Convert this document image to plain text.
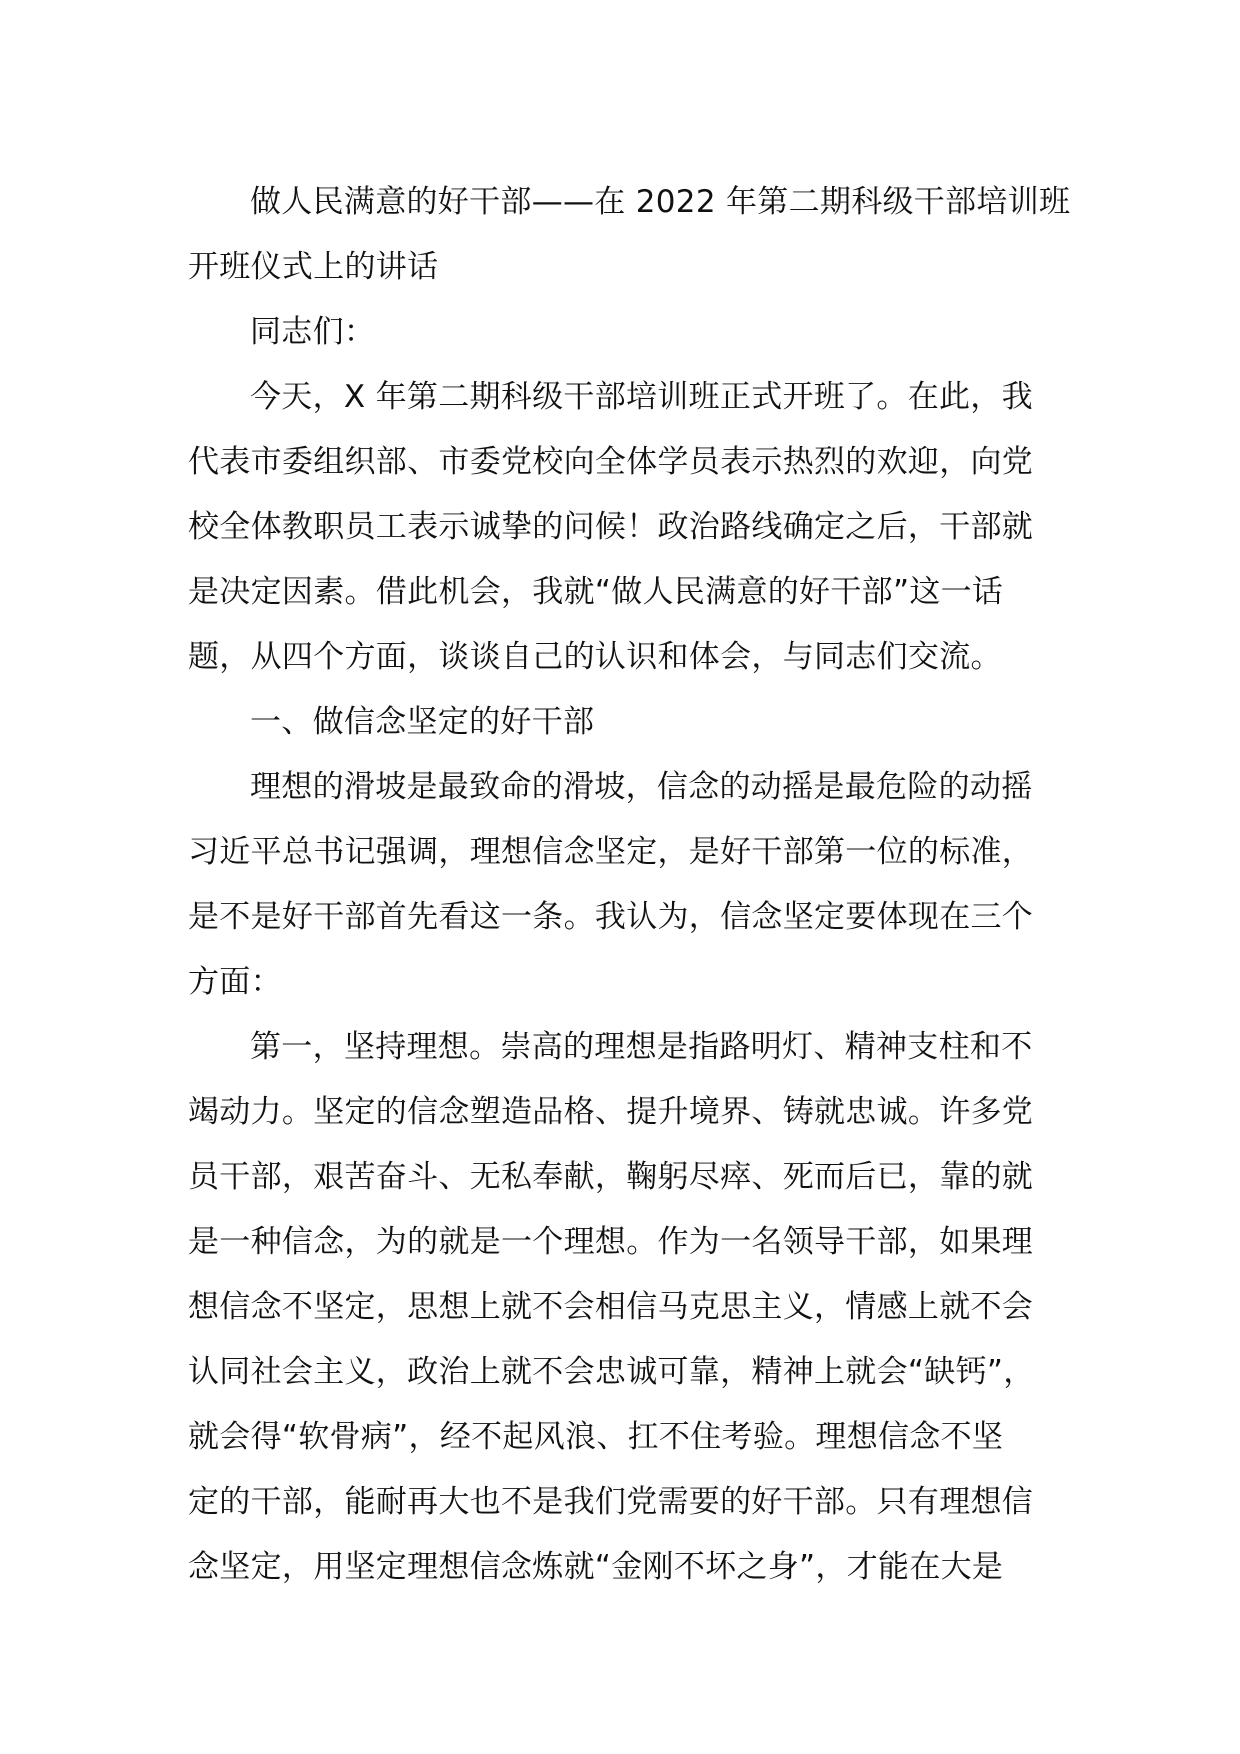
做人民满意的好干部——在 2022 年第二期科级干部培训班
开班仪式上的讲话
同志们：
今天，X 年第二期科级干部培训班正式开班了。在此，我
代表市委组织部、市委党校向全体学员表示热烈的欢迎，向党
校全体教职员工表示诚挚的问候！政治路线确定之后，干部就
是决定因素。借此机会，我就“做人民满意的好干部”这一话
题，从四个方面，谈谈自己的认识和体会，与同志们交流。
一、做信念坚定的好干部
理想的滑坡是最致命的滑坡，信念的动摇是最危险的动摇
习近平总书记强调，理想信念坚定，是好干部第一位的标准，
是不是好干部首先看这一条。我认为，信念坚定要体现在三个
方面：
第一，坚持理想。崇高的理想是指路明灯、精神支柱和不
竭动力。坚定的信念塑造品格、提升境界、铸就忠诚。许多党
员干部，艰苦奋斗、无私奉献，鞠躬尽瘁、死而后已，靠的就
是一种信念，为的就是一个理想。作为一名领导干部，如果理
想信念不坚定，思想上就不会相信马克思主义，情感上就不会
认同社会主义，政治上就不会忠诚可靠，精神上就会“缺钙”，
就会得“软骨病”，经不起风浪、扛不住考验。理想信念不坚
定的干部，能耐再大也不是我们党需要的好干部。只有理想信
念坚定，用坚定理想信念炼就“金刚不坏之身”，才能在大是
